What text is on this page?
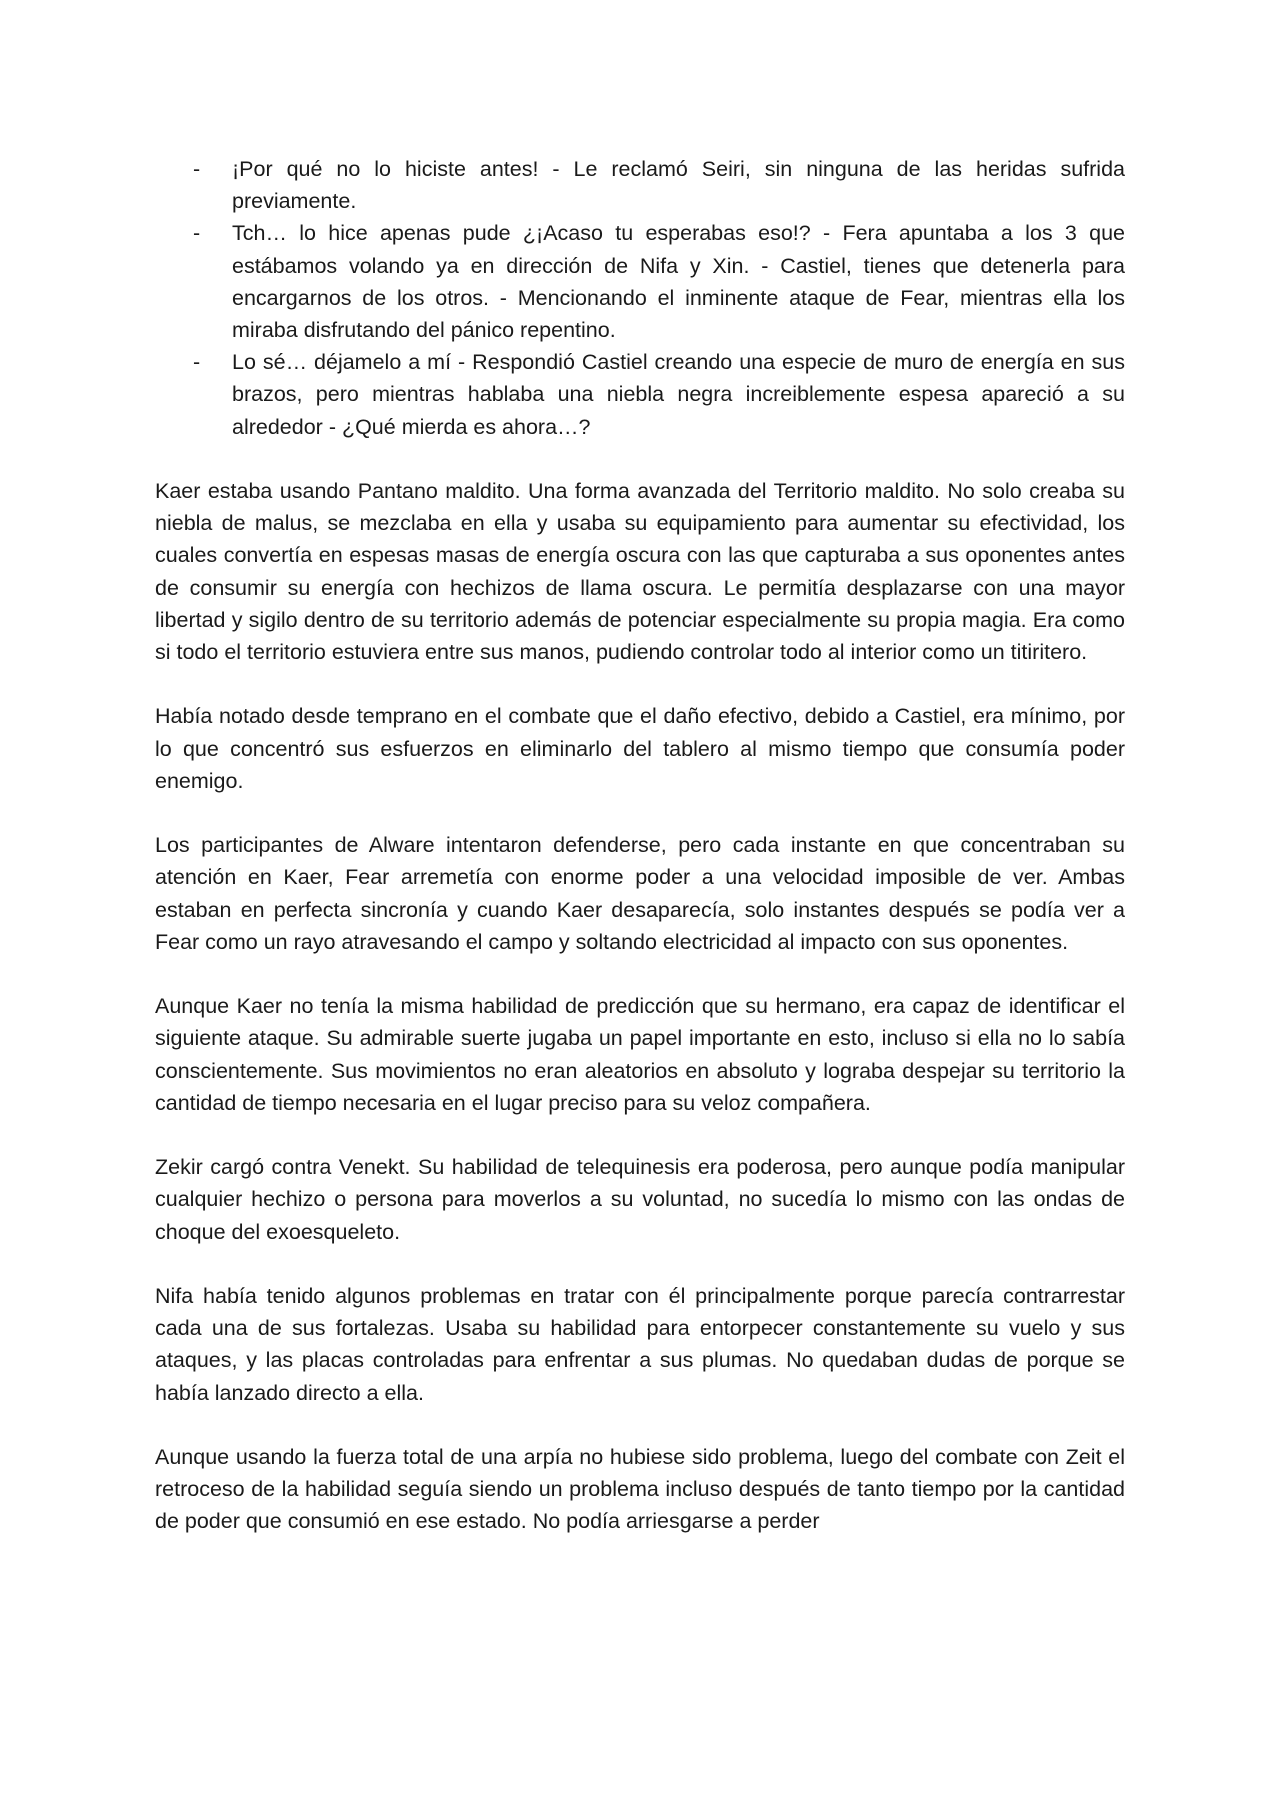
- ¡Por qué no lo hiciste antes! - Le reclamó Seiri, sin ninguna de las heridas sufrida previamente.
- Tch… lo hice apenas pude ¿¡Acaso tu esperabas eso!? - Fera apuntaba a los 3 que estábamos volando ya en dirección de Nifa y Xin. - Castiel, tienes que detenerla para encargarnos de los otros. - Mencionando el inminente ataque de Fear, mientras ella los miraba disfrutando del pánico repentino.
- Lo sé… déjamelo a mí - Respondió Castiel creando una especie de muro de energía en sus brazos, pero mientras hablaba una niebla negra increiblemente espesa apareció a su alrededor - ¿Qué mierda es ahora…?

Kaer estaba usando Pantano maldito. Una forma avanzada del Territorio maldito. No solo creaba su niebla de malus, se mezclaba en ella y usaba su equipamiento para aumentar su efectividad, los cuales convertía en espesas masas de energía oscura con las que capturaba a sus oponentes antes de consumir su energía con hechizos de llama oscura. Le permitía desplazarse con una mayor libertad y sigilo dentro de su territorio además de potenciar especialmente su propia magia. Era como si todo el territorio estuviera entre sus manos, pudiendo controlar todo al interior como un titiritero.

Había notado desde temprano en el combate que el daño efectivo, debido a Castiel, era mínimo, por lo que concentró sus esfuerzos en eliminarlo del tablero al mismo tiempo que consumía poder enemigo.

Los participantes de Alware intentaron defenderse, pero cada instante en que concentraban su atención en Kaer, Fear arremetía con enorme poder a una velocidad imposible de ver. Ambas estaban en perfecta sincronía y cuando Kaer desaparecía, solo instantes después se podía ver a Fear como un rayo atravesando el campo y soltando electricidad al impacto con sus oponentes.

Aunque Kaer no tenía la misma habilidad de predicción que su hermano, era capaz de identificar el siguiente ataque. Su admirable suerte jugaba un papel importante en esto, incluso si ella no lo sabía conscientemente. Sus movimientos no eran aleatorios en absoluto y lograba despejar su territorio la cantidad de tiempo necesaria en el lugar preciso para su veloz compañera.

Zekir cargó contra Venekt. Su habilidad de telequinesis era poderosa, pero aunque podía manipular cualquier hechizo o persona para moverlos a su voluntad, no sucedía lo mismo con las ondas de choque del exoesqueleto.

Nifa había tenido algunos problemas en tratar con él principalmente porque parecía contrarrestar cada una de sus fortalezas. Usaba su habilidad para entorpecer constantemente su vuelo y sus ataques, y las placas controladas para enfrentar a sus plumas. No quedaban dudas de porque se había lanzado directo a ella.

Aunque usando la fuerza total de una arpía no hubiese sido problema, luego del combate con Zeit el retroceso de la habilidad seguía siendo un problema incluso después de tanto tiempo por la cantidad de poder que consumió en ese estado. No podía arriesgarse a perder
